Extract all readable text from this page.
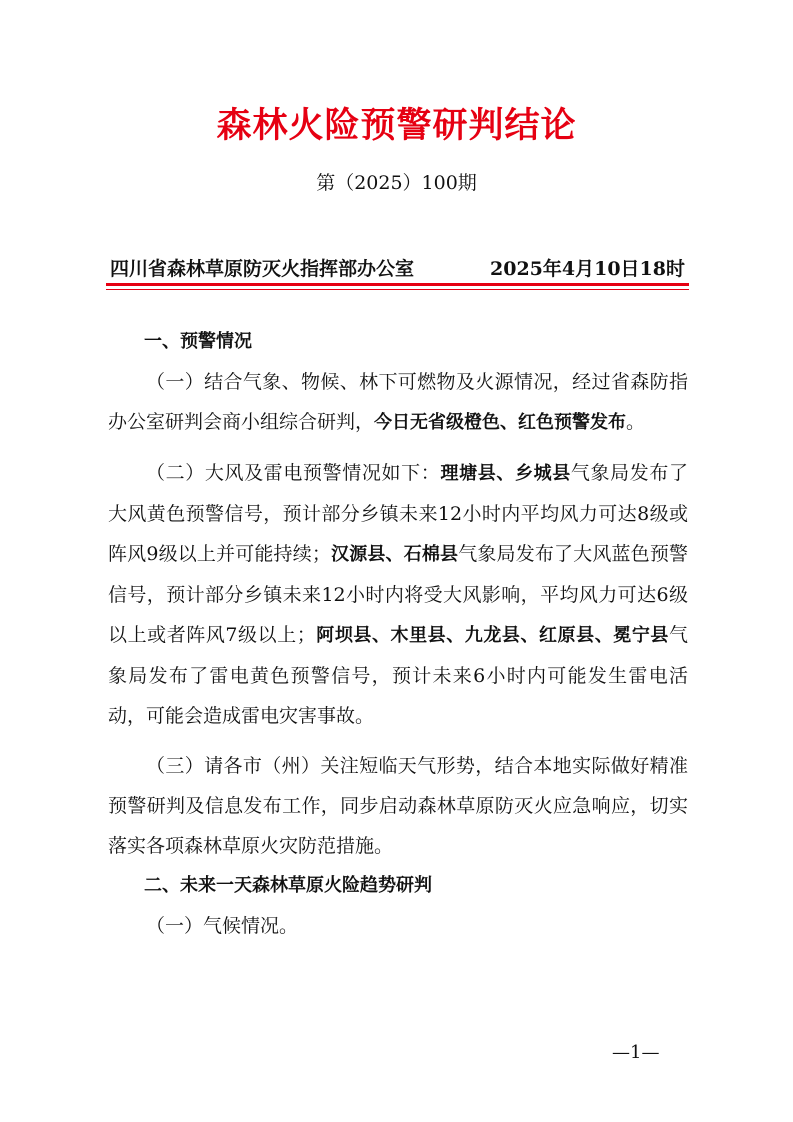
森林火险预警研判结论
第（2025）100期
四川省森林草原防灭火指挥部办公室	2025年4月10日18时

一、预警情况

（一）结合气象、物候、林下可燃物及火源情况，经过省森防指办公室研判会商小组综合研判，今日无省级橙色、红色预警发布。

（二）大风及雷电预警情况如下：理塘县、乡城县气象局发布了大风黄色预警信号，预计部分乡镇未来12小时内平均风力可达8级或阵风9级以上并可能持续；汉源县、石棉县气象局发布了大风蓝色预警信号，预计部分乡镇未来12小时内将受大风影响，平均风力可达6级以上或者阵风7级以上；阿坝县、木里县、九龙县、红原县、冕宁县气象局发布了雷电黄色预警信号，预计未来6小时内可能发生雷电活动，可能会造成雷电灾害事故。

（三）请各市（州）关注短临天气形势，结合本地实际做好精准预警研判及信息发布工作，同步启动森林草原防灭火应急响应，切实落实各项森林草原火灾防范措施。

二、未来一天森林草原火险趋势研判

（一）气候情况。

—1—
